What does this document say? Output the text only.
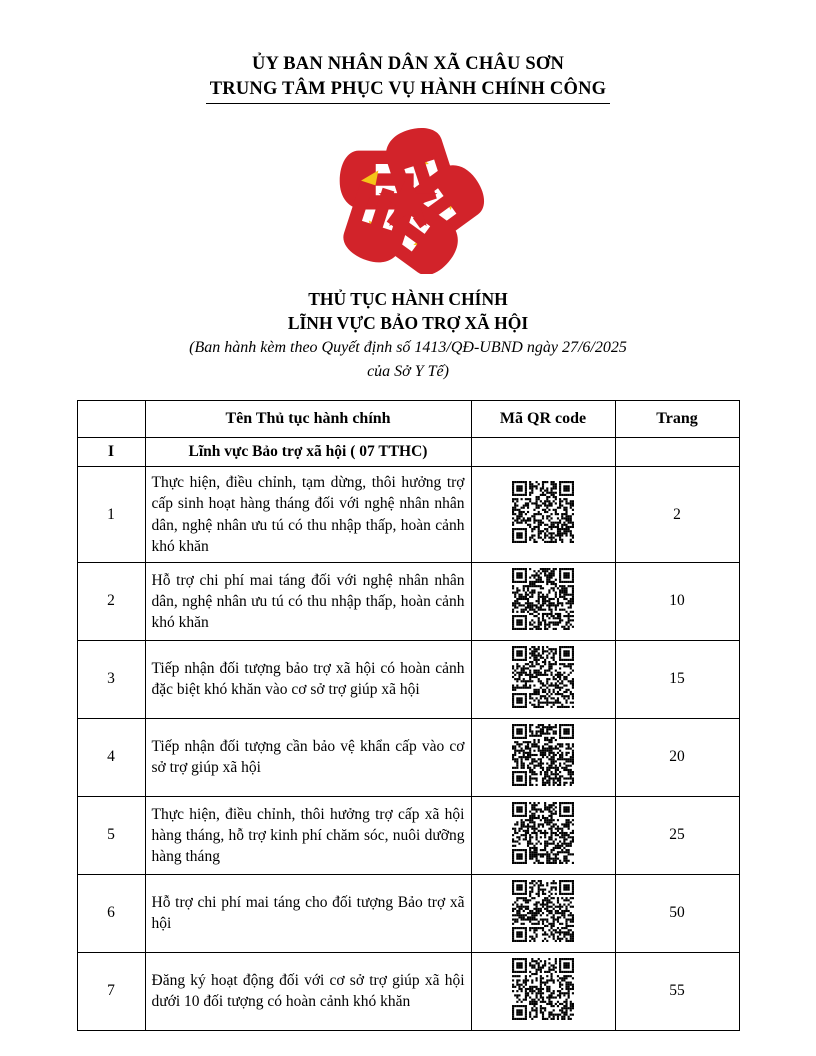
ỦY BAN NHÂN DÂN XÃ CHÂU SƠN
TRUNG TÂM PHỤC VỤ HÀNH CHÍNH CÔNG
THỦ TỤC HÀNH CHÍNH
LĨNH VỰC BẢO TRỢ XÃ HỘI
(Ban hành kèm theo Quyết định số 1413/QĐ-UBND ngày 27/6/2025
của Sở Y Tế)
	Tên Thủ tục hành chính	Mã QR code	Trang
I	Lĩnh vực Bảo trợ xã hội ( 07 TTHC)		
1	Thực hiện, điều chỉnh, tạm dừng, thôi hưởng trợ cấp sinh hoạt hàng tháng đối với nghệ nhân nhân dân, nghệ nhân ưu tú có thu nhập thấp, hoàn cảnh khó khăn		2
2	Hỗ trợ chi phí mai táng đối với nghệ nhân nhân dân, nghệ nhân ưu tú có thu nhập thấp, hoàn cảnh khó khăn		10
3	Tiếp nhận đối tượng bảo trợ xã hội có hoàn cảnh đặc biệt khó khăn vào cơ sở trợ giúp xã hội		15
4	Tiếp nhận đối tượng cần bảo vệ khẩn cấp vào cơ sở trợ giúp xã hội		20
5	Thực hiện, điều chỉnh, thôi hưởng trợ cấp xã hội hàng tháng, hỗ trợ kinh phí chăm sóc, nuôi dưỡng hàng tháng		25
6	Hỗ trợ chi phí mai táng cho đối tượng Bảo trợ xã hội		50
7	Đăng ký hoạt động đối với cơ sở trợ giúp xã hội dưới 10 đối tượng có hoàn cảnh khó khăn		55
